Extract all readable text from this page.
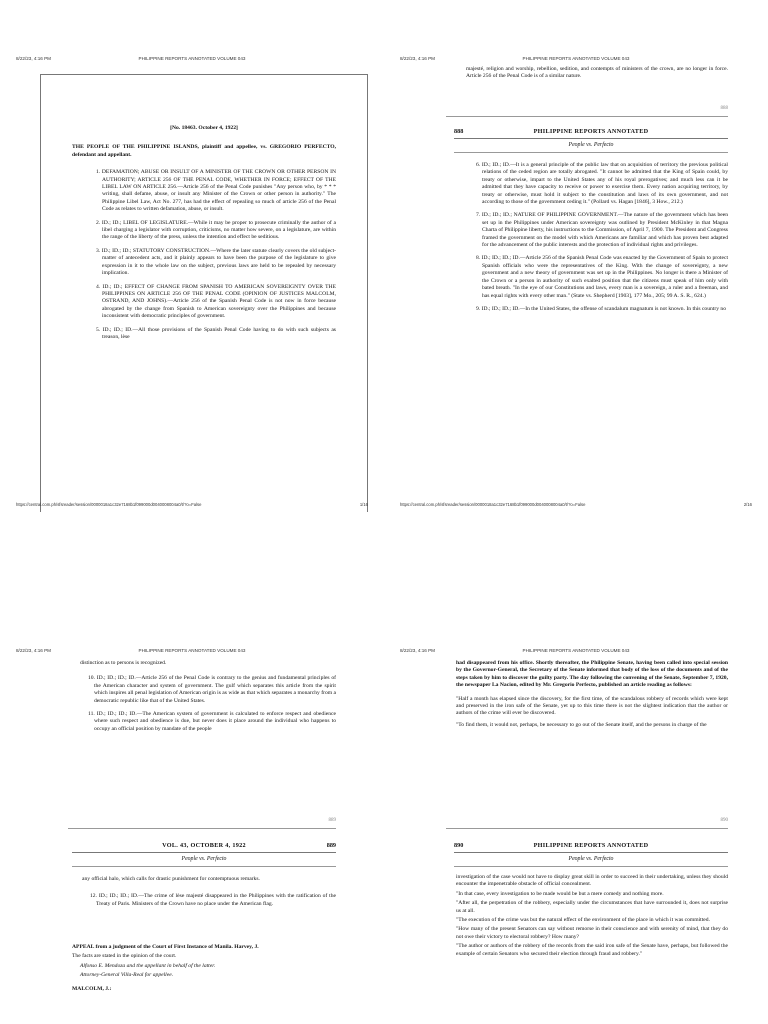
8/22/23, 4:16 PM	PHILIPPINE REPORTS ANNOTATED VOLUME 043

[No. 18463. October 4, 1922]

THE PEOPLE OF THE PHILIPPINE ISLANDS, plaintiff and appellee, vs. GREGORIO PERFECTO, defendant and appellant.

1. DEFAMATION; ABUSE OR INSULT OF A MINISTER OF THE CROWN OR OTHER PERSON IN AUTHORITY; ARTICLE 256 OF THE PENAL CODE, WHETHER IN FORCE; EFFECT OF THE LIBEL LAW ON ARTICLE 256.—Article 256 of the Penal Code punishes "Any person who, by * * * writing, shall defame, abuse, or insult any Minister of the Crown or other person in authority." The Philippine Libel Law, Act No. 277, has had the effect of repealing so much of article 256 of the Penal Code as relates to written defamation, abuse, or insult.

2. ID.; ID.; LIBEL OF LEGISLATURE.—While it may be proper to prosecute criminally the author of a libel charging a legislator with corruption, criticisms, no matter how severe, on a legislature, are within the range of the liberty of the press, unless the intention and effect be seditious.

3. ID.; ID.; ID.; STATUTORY CONSTRUCTION.—Where the later statute clearly covers the old subject-matter of antecedent acts, and it plainly appears to have been the purpose of the legislature to give expression in it to the whole law on the subject, previous laws are held to be repealed by necessary implication.

4. ID.; ID.; EFFECT OF CHANGE FROM SPANISH TO AMERICAN SOVEREIGNTY OVER THE PHILIPPINES ON ARTICLE 256 OF THE PENAL CODE (OPINION OF JUSTICES MALCOLM, OSTRAND, AND JOHNS).—Article 256 of the Spanish Penal Code is not now in force because abrogated by the change from Spanish to American sovereignty over the Philippines and because inconsistent with democratic principles of government.

5. ID.; ID.; ID.—All those provisions of the Spanish Penal Code having to do with such subjects as treason, lèse

https://central.com.ph/sfsreader/session/0000018a1c32e7168b1f099000d0040008004a0/t/?o=False	1/16
8/22/23, 4:16 PM	PHILIPPINE REPORTS ANNOTATED VOLUME 043

majesté, religion and worship, rebellion, sedition, and contempts of ministers of the crown, are no longer in force. Article 256 of the Penal Code is of a similar nature.

888
888	PHILIPPINE REPORTS ANNOTATED
People vs. Perfecto

6. ID.; ID.; ID.—It is a general principle of the public law that on acquisition of territory the previous political relations of the ceded region are totally abrogated. "It cannot be admitted that the King of Spain could, by treaty or otherwise, impart to the United States any of his royal prerogatives; and much less can it be admitted that they have capacity to receive or power to exercise them. Every nation acquiring territory, by treaty or otherwise, must hold it subject to the constitution and laws of its own government, and not according to those of the government ceding it." (Pollard vs. Hagan [1846], 3 How., 212.)

7. ID.; ID.; ID.; NATURE OF PHILIPPINE GOVERNMENT.—The nature of the government which has been set up in the Philippines under American sovereignty was outlined by President McKinley in that Magna Charta of Philippine liberty, his instructions to the Commission, of April 7, 1900. The President and Congress framed the government on the model with which Americans are familiar and which has proven best adapted for the advancement of the public interests and the protection of individual rights and privileges.

8. ID.; ID.; ID.; ID.—Article 256 of the Spanish Penal Code was enacted by the Government of Spain to protect Spanish officials who were the representatives of the King. With the change of sovereignty, a new government and a new theory of government was set up in the Philippines. No longer is there a Minister of the Crown or a person in authority of such exalted position that the citizens must speak of him only with bated breath. "In the eye of our Constitutions and laws, every man is a sovereign, a ruler and a freeman, and has equal rights with every other man." (State vs. Shepherd [1903], 177 Mo., 205; 99 A. S. R., 624.)

9. ID.; ID.; ID.; ID.—In the United States, the offense of scandalum magnatum is not known. In this country no

https://central.com.ph/sfsreader/session/0000018a1c32e7168b1f099000d0040008004a0/t/?o=False	2/16
8/22/23, 4:16 PM	PHILIPPINE REPORTS ANNOTATED VOLUME 043

distinction as to persons is recognized.

10. ID.; ID.; ID.; ID.—Article 256 of the Penal Code is contrary to the genius and fundamental principles of the American character and system of government. The gulf which separates this article from the spirit which inspires all penal legislation of American origin is as wide as that which separates a monarchy from a democratic republic like that of the United States.

11. ID.; ID.; ID.; ID.—The American system of government is calculated to enforce respect and obedience where such respect and obedience is due, but never does it place around the individual who happens to occupy an official position by mandate of the people

889
VOL. 43, OCTOBER 4, 1922	889
People vs. Perfecto

any official halo, which calls for drastic punishment for contemptuous remarks.

12. ID.; ID.; ID.; ID.—The crime of lèse majesté disappeared in the Philippines with the ratification of the Treaty of Paris. Ministers of the Crown have no place under the American flag.

APPEAL from a judgment of the Court of First Instance of Manila. Harvey, J.

The facts are stated in the opinion of the court.

Alfonso E. Mendoza and the appellant in behalf of the latter.

Attorney-General Villa-Real for appellee.

MALCOLM, J.:

8/22/23, 4:16 PM	PHILIPPINE REPORTS ANNOTATED VOLUME 043

had disappeared from his office. Shortly thereafter, the Philippine Senate, having been called into special session by the Governor-General, the Secretary of the Senate informed that body of the loss of the documents and of the steps taken by him to discover the guilty party. The day following the convening of the Senate, September 7, 1920, the newspaper La Nacion, edited by Mr. Gregorio Perfecto, published an article reading as follows:

"Half a month has elapsed since the discovery, for the first time, of the scandalous robbery of records which were kept and preserved in the iron safe of the Senate, yet up to this time there is not the slightest indication that the author or authors of the crime will ever be discovered.

"To find them, it would not, perhaps, be necessary to go out of the Senate itself, and the persons in charge of the

890
890	PHILIPPINE REPORTS ANNOTATED
People vs. Perfecto

investigation of the case would not have to display great skill in order to succeed in their undertaking, unless they should encounter the impenetrable obstacle of official concealment.

"In that case, every investigation to be made would be but a mere comedy and nothing more.

"After all, the perpetration of the robbery, especially under the circumstances that have surrounded it, does not surprise us at all.

"The execution of the crime was but the natural effect of the environment of the place in which it was committed.

"How many of the present Senators can say without remorse in their conscience and with serenity of mind, that they do not owe their victory to electoral robbery? How many?

"The author or authors of the robbery of the records from the said iron safe of the Senate have, perhaps, but followed the example of certain Senators who secured their election through fraud and robbery."
